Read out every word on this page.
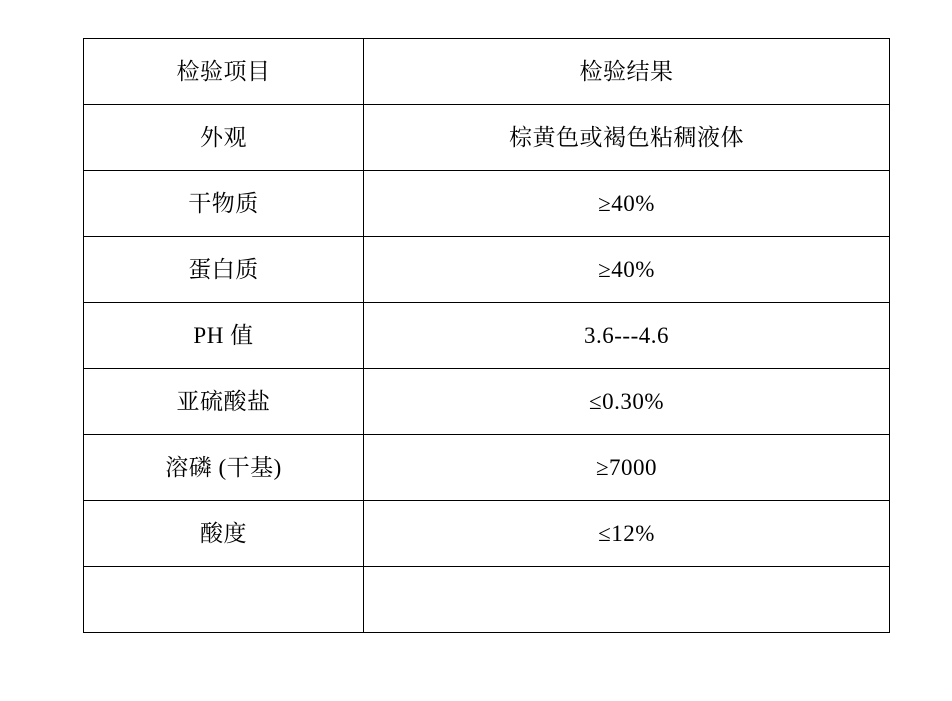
检验项目	检验结果

外观	棕黄色或褐色粘稠液体

干物质	≥40%

蛋白质	≥40%

PH 值	3.6---4.6

亚硫酸盐	≤0.30%

溶磷 (干基)	≥7000

酸度	≤12%
